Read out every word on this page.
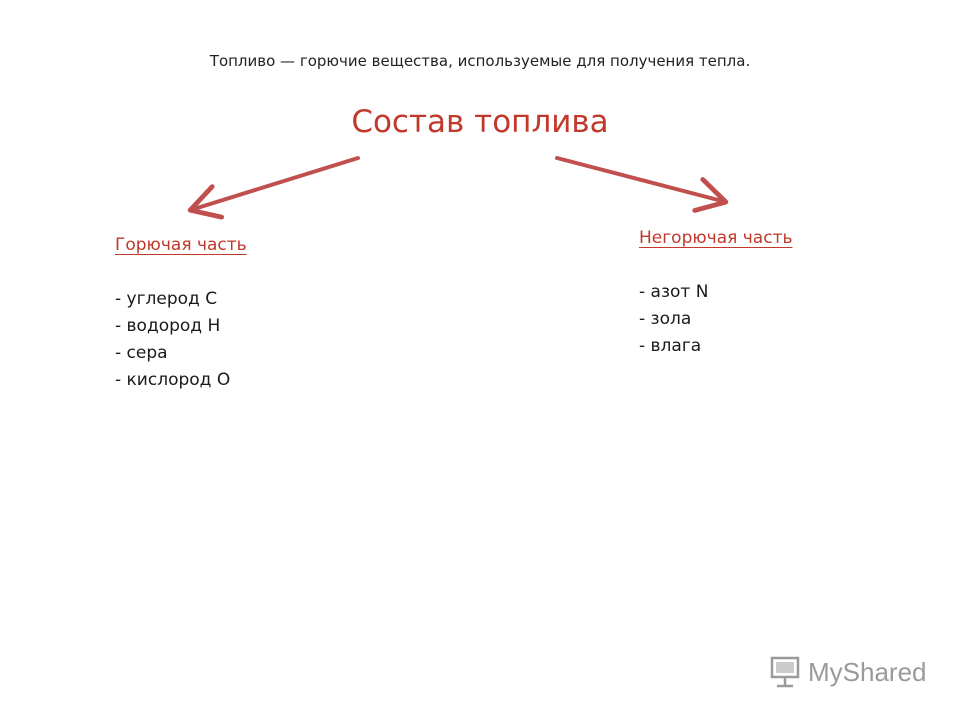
Топливо — горючие вещества, используемые для получения тепла.
Состав топлива
Горючая часть
- углерод С
- водород Н
- сера
- кислород О
Негорючая часть
- азот N
- зола
- влага
MyShared
